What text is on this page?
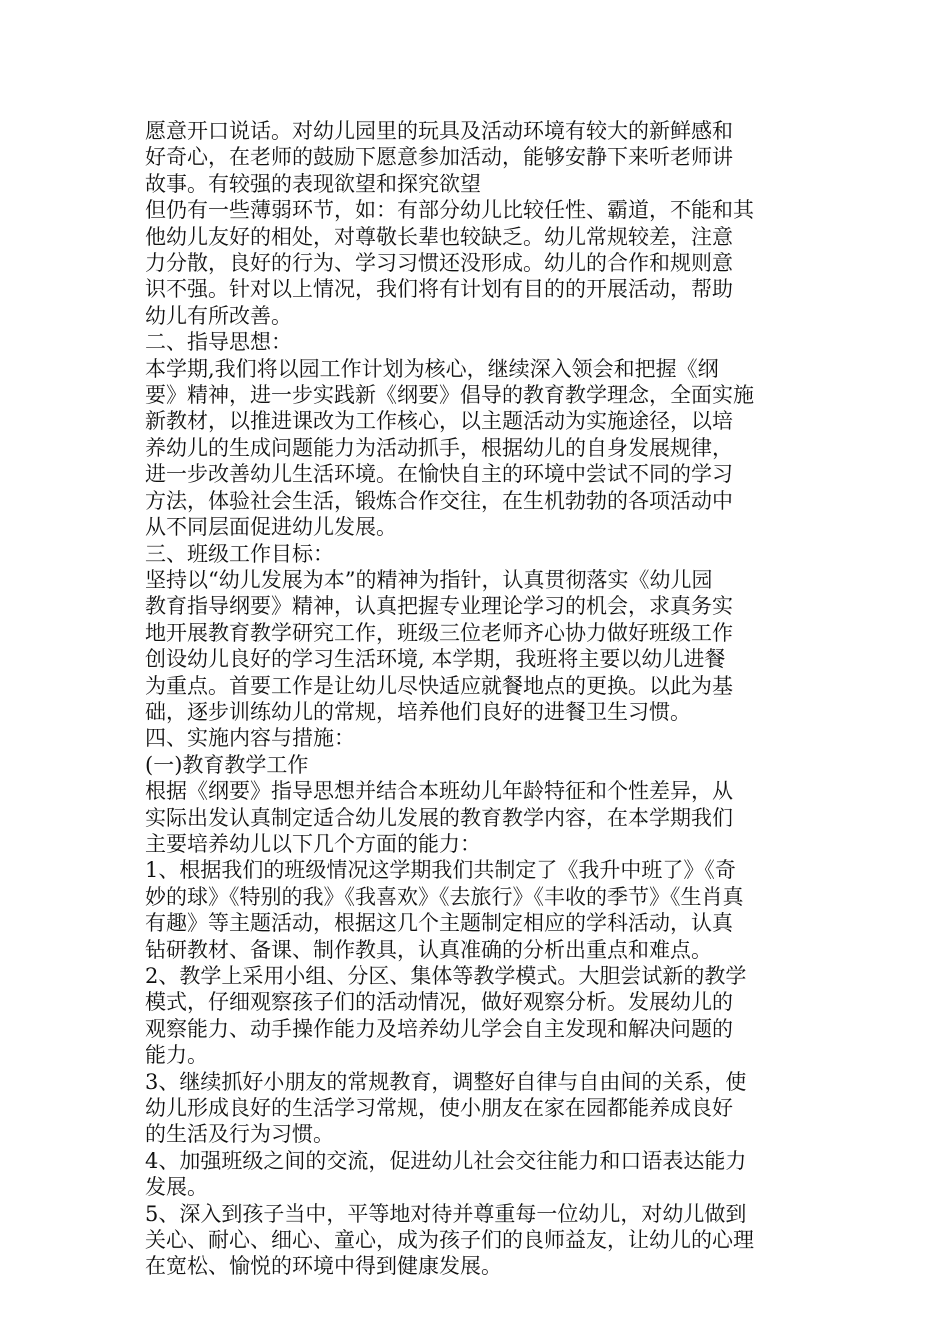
愿意开口说话。对幼儿园里的玩具及活动环境有较大的新鲜感和
好奇心，在老师的鼓励下愿意参加活动，能够安静下来听老师讲
故事。有较强的表现欲望和探究欲望

但仍有一些薄弱环节，如：有部分幼儿比较任性、霸道，不能和其
他幼儿友好的相处，对尊敬长辈也较缺乏。幼儿常规较差，注意
力分散，良好的行为、学习习惯还没形成。幼儿的合作和规则意
识不强。针对以上情况，我们将有计划有目的的开展活动，帮助
幼儿有所改善。

二、指导思想：

本学期,我们将以园工作计划为核心，继续深入领会和把握《纲
要》精神，进一步实践新《纲要》倡导的教育教学理念，全面实施
新教材，以推进课改为工作核心，以主题活动为实施途径，以培
养幼儿的生成问题能力为活动抓手，根据幼儿的自身发展规律，
进一步改善幼儿生活环境。在愉快自主的环境中尝试不同的学习
方法，体验社会生活，锻炼合作交往，在生机勃勃的各项活动中
从不同层面促进幼儿发展。

三、班级工作目标：

坚持以“幼儿发展为本”的精神为指针，认真贯彻落实《幼儿园
教育指导纲要》精神，认真把握专业理论学习的机会，求真务实
地开展教育教学研究工作，班级三位老师齐心协力做好班级工作
创设幼儿良好的学习生活环境, 本学期，我班将主要以幼儿进餐
为重点。首要工作是让幼儿尽快适应就餐地点的更换。以此为基
础，逐步训练幼儿的常规，培养他们良好的进餐卫生习惯。

四、实施内容与措施：

(一)教育教学工作

根据《纲要》指导思想并结合本班幼儿年龄特征和个性差异，从
实际出发认真制定适合幼儿发展的教育教学内容，在本学期我们
主要培养幼儿以下几个方面的能力：

1、根据我们的班级情况这学期我们共制定了《我升中班了》《奇
妙的球》《特别的我》《我喜欢》《去旅行》《丰收的季节》《生肖真
有趣》等主题活动，根据这几个主题制定相应的学科活动，认真
钻研教材、备课、制作教具，认真准确的分析出重点和难点。

2、教学上采用小组、分区、集体等教学模式。大胆尝试新的教学
模式，仔细观察孩子们的活动情况，做好观察分析。发展幼儿的
观察能力、动手操作能力及培养幼儿学会自主发现和解决问题的
能力。

3、继续抓好小朋友的常规教育，调整好自律与自由间的关系，使
幼儿形成良好的生活学习常规，使小朋友在家在园都能养成良好
的生活及行为习惯。

4、加强班级之间的交流，促进幼儿社会交往能力和口语表达能力
发展。

5、深入到孩子当中，平等地对待并尊重每一位幼儿，对幼儿做到
关心、耐心、细心、童心，成为孩子们的良师益友，让幼儿的心理
在宽松、愉悦的环境中得到健康发展。
